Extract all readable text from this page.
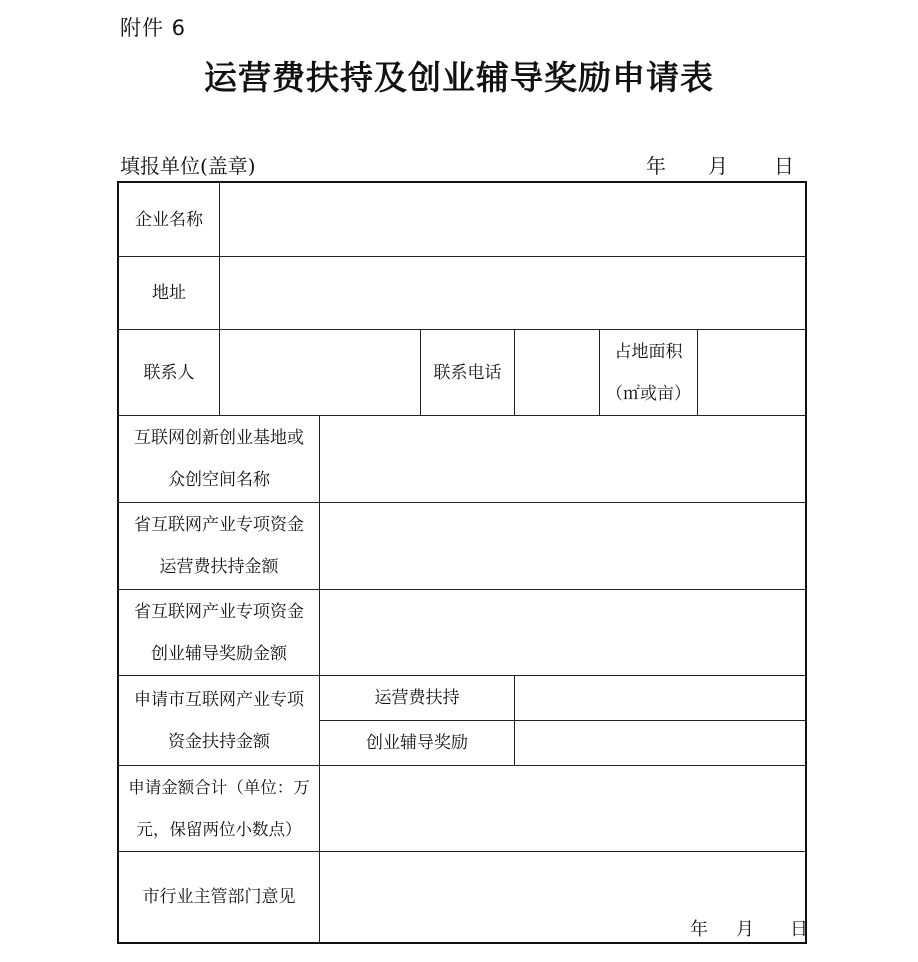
附件 6
运营费扶持及创业辅导奖励申请表
填报单位(盖章)	年 月 日
企业名称
地址
联系人	联系电话
占地面积
（㎡或亩）
互联网创新创业基地或
众创空间名称
省互联网产业专项资金
运营费扶持金额
省互联网产业专项资金
创业辅导奖励金额
申请市互联网产业专项
资金扶持金额
运营费扶持
创业辅导奖励
申请金额合计（单位：万
元，保留两位小数点）
市行业主管部门意见
年 月 日
